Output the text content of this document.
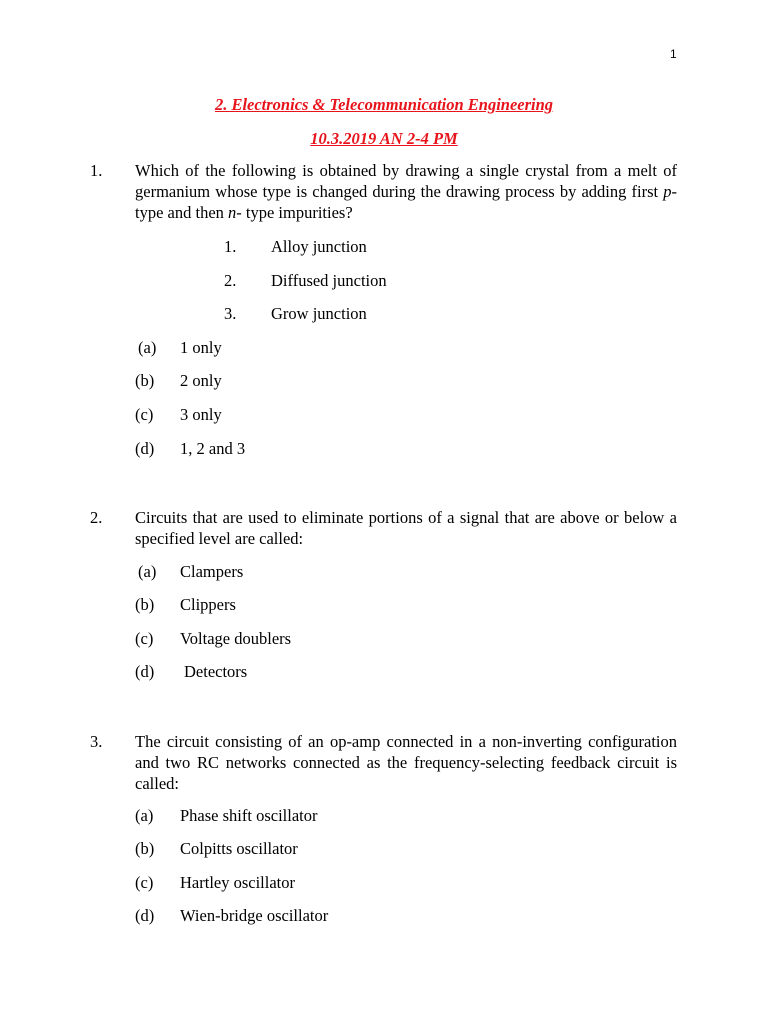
1
2. Electronics & Telecommunication Engineering
10.3.2019 AN 2-4 PM
1. Which of the following is obtained by drawing a single crystal from a melt of germanium whose type is changed during the drawing process by adding first p-type and then n- type impurities?
1. Alloy junction
2. Diffused junction
3. Grow junction
(a)	1 only
(b)	2 only
(c)	3 only
(d)	1, 2 and 3
2. Circuits that are used to eliminate portions of a signal that are above or below a specified level are called:
(a)	Clampers
(b)	Clippers
(c)	Voltage doublers
(d)	Detectors
3. The circuit consisting of an op-amp connected in a non-inverting configuration and two RC networks connected as the frequency-selecting feedback circuit is called:
(a)	Phase shift oscillator
(b)	Colpitts oscillator
(c)	Hartley oscillator
(d)	Wien-bridge oscillator
